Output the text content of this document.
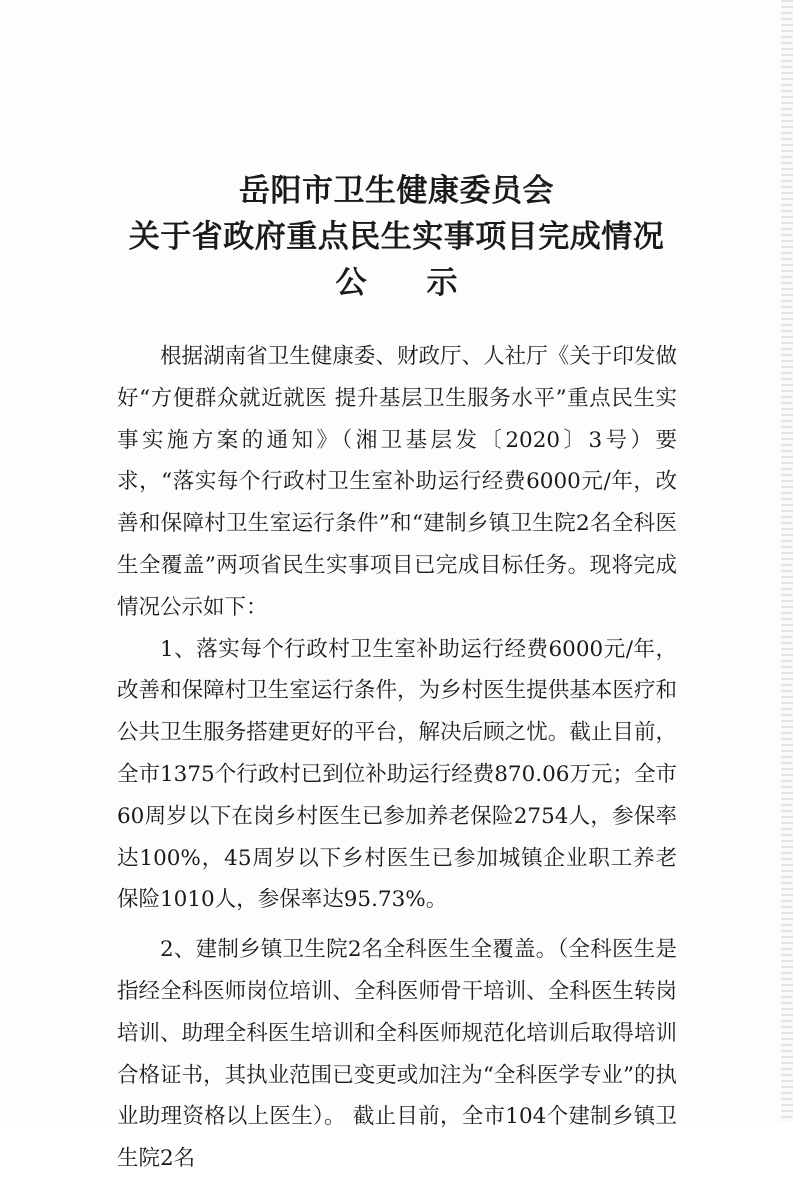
岳阳市卫生健康委员会
关于省政府重点民生实事项目完成情况
公示

根据湖南省卫生健康委、财政厅、人社厅《关于印发做好“方便群众就近就医 提升基层卫生服务水平”重点民生实事实施方案的通知》（湘卫基层发〔2020〕3号）要求，“落实每个行政村卫生室补助运行经费6000元/年，改善和保障村卫生室运行条件”和“建制乡镇卫生院2名全科医生全覆盖”两项省民生实事项目已完成目标任务。现将完成情况公示如下：

1、落实每个行政村卫生室补助运行经费6000元/年，改善和保障村卫生室运行条件，为乡村医生提供基本医疗和公共卫生服务搭建更好的平台，解决后顾之忧。截止目前，全市1375个行政村已到位补助运行经费870.06万元；全市60周岁以下在岗乡村医生已参加养老保险2754人，参保率达100%，45周岁以下乡村医生已参加城镇企业职工养老保险1010人，参保率达95.73%。

2、建制乡镇卫生院2名全科医生全覆盖。（全科医生是指经全科医师岗位培训、全科医师骨干培训、全科医生转岗培训、助理全科医生培训和全科医师规范化培训后取得培训合格证书，其执业范围已变更或加注为“全科医学专业”的执业助理资格以上医生）。 截止目前，全市104个建制乡镇卫生院2名
